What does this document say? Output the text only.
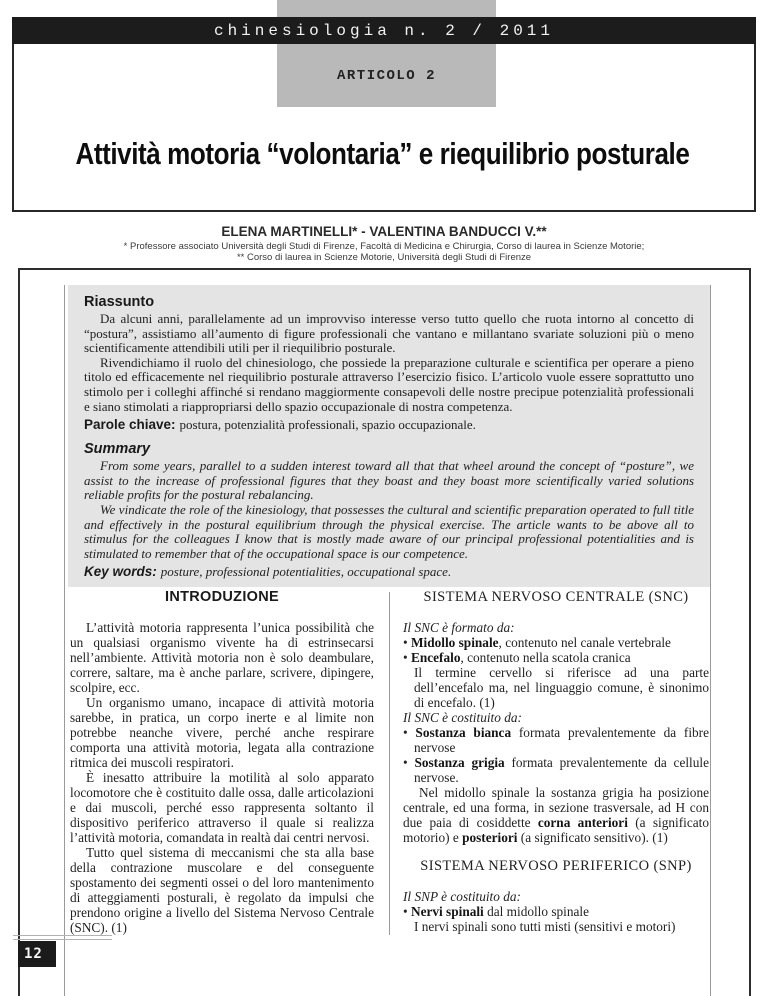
chinesiologia n. 2 / 2011
ARTICOLO 2
Attività motoria “volontaria” e riequilibrio posturale
ELENA MARTINELLI* - VALENTINA BANDUCCI V.**
* Professore associato Università degli Studi di Firenze, Facoltà di Medicina e Chirurgia, Corso di laurea in Scienze Motorie;
** Corso di laurea in Scienze Motorie, Università degli Studi di Firenze
Riassunto

Da alcuni anni, parallelamente ad un improvviso interesse verso tutto quello che ruota intorno al concetto di “postura”, assistiamo all’aumento di figure professionali che vantano e millantano svariate soluzioni più o meno scientificamente attendibili utili per il riequilibrio posturale.

Rivendichiamo il ruolo del chinesiologo, che possiede la preparazione culturale e scientifica per operare a pieno titolo ed efficacemente nel riequilibrio posturale attraverso l’esercizio fisico. L’articolo vuole essere soprattutto uno stimolo per i colleghi affinché si rendano maggiormente consapevoli delle nostre precipue potenzialità professionali e siano stimolati a riappropriarsi dello spazio occupazionale di nostra competenza.

Parole chiave: postura, potenzialità professionali, spazio occupazionale.
Summary

From some years, parallel to a sudden interest toward all that that wheel around the concept of “posture”, we assist to the increase of professional figures that they boast and they boast more scientifically varied solutions reliable profits for the postural rebalancing.

We vindicate the role of the kinesiology, that possesses the cultural and scientific preparation operated to full title and effectively in the postural equilibrium through the physical exercise. The article wants to be above all to stimulus for the colleagues I know that is mostly made aware of our principal professional potentialities and is stimulated to remember that of the occupational space is our competence.

Key words: posture, professional potentialities, occupational space.
INTRODUZIONE

L’attività motoria rappresenta l’unica possibilità che un qualsiasi organismo vivente ha di estrinsecarsi nell’ambiente. Attività motoria non è solo deambulare, correre, saltare, ma è anche parlare, scrivere, dipingere, scolpire, ecc.

Un organismo umano, incapace di attività motoria sarebbe, in pratica, un corpo inerte e al limite non potrebbe neanche vivere, perché anche respirare comporta una attività motoria, legata alla contrazione ritmica dei muscoli respiratori.

È inesatto attribuire la motilità al solo apparato locomotore che è costituito dalle ossa, dalle articolazioni e dai muscoli, perché esso rappresenta soltanto il dispositivo periferico attraverso il quale si realizza l’attività motoria, comandata in realtà dai centri nervosi.

Tutto quel sistema di meccanismi che sta alla base della contrazione muscolare e del conseguente spostamento dei segmenti ossei o del loro mantenimento di atteggiamenti posturali, è regolato da impulsi che prendono origine a livello del Sistema Nervoso Centrale (SNC). (1)

SISTEMA NERVOSO CENTRALE (SNC)
Il SNC è formato da:
• Midollo spinale, contenuto nel canale vertebrale
• Encefalo, contenuto nella scatola cranica
Il termine cervello si riferisce ad una parte dell’encefalo ma, nel linguaggio comune, è sinonimo di encefalo. (1)
Il SNC è costituito da:
• Sostanza bianca formata prevalentemente da fibre nervose
• Sostanza grigia formata prevalentemente da cellule nervose.

Nel midollo spinale la sostanza grigia ha posizione centrale, ed una forma, in sezione trasversale, ad H con due paia di cosiddette corna anteriori (a significato motorio) e posteriori (a significato sensitivo). (1)

SISTEMA NERVOSO PERIFERICO (SNP)
Il SNP è costituito da:
• Nervi spinali dal midollo spinale
I nervi spinali sono tutti misti (sensitivi e motori)
12
